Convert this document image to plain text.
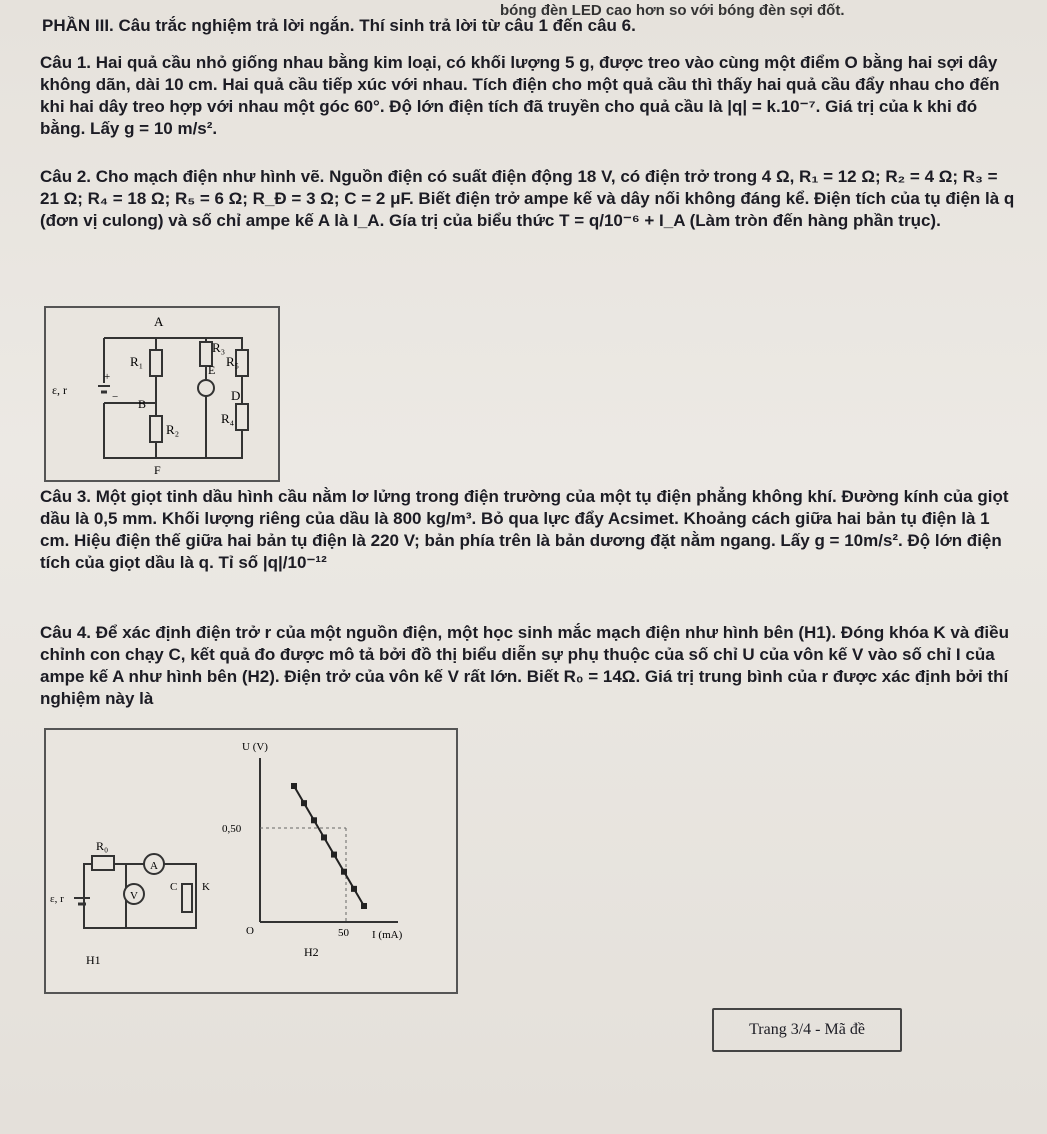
bóng đèn LED cao hơn so với bóng đèn sợi đốt.
PHẦN III. Câu trắc nghiệm trả lời ngắn. Thí sinh trả lời từ câu 1 đến câu 6.
Câu 1. Hai quả cầu nhỏ giống nhau bằng kim loại, có khối lượng 5 g, được treo vào cùng một điểm O bằng hai sợi dây không dãn, dài 10 cm. Hai quả cầu tiếp xúc với nhau. Tích điện cho một quả cầu thì thấy hai quả cầu đẩy nhau cho đến khi hai dây treo hợp với nhau một góc 60°. Độ lớn điện tích đã truyền cho quả cầu là |q| = k.10⁻⁷. Giá trị của k khi đó bằng. Lấy g = 10 m/s².
Câu 2. Cho mạch điện như hình vẽ. Nguồn điện có suất điện động 18 V, có điện trở trong 4 Ω, R₁ = 12 Ω; R₂ = 4 Ω; R₃ = 21 Ω; R₄ = 18 Ω; R₅ = 6 Ω; R_Đ = 3 Ω; C = 2 μF. Biết điện trở ampe kế và dây nối không đáng kể. Điện tích của tụ điện là q (đơn vị culong) và số chỉ ampe kế A là I_A. Gía trị của biểu thức T = q/10⁻⁶ + I_A (Làm tròn đến hàng phần trục).
A
R₁
R₃
R₅
E
D
B
R₂
R₄
F
ε, r
+
−
Câu 3. Một giọt tinh dầu hình cầu nằm lơ lửng trong điện trường của một tụ điện phẳng không khí. Đường kính của giọt dầu là 0,5 mm. Khối lượng riêng của dầu là 800 kg/m³. Bỏ qua lực đẩy Acsimet. Khoảng cách giữa hai bản tụ điện là 1 cm. Hiệu điện thế giữa hai bản tụ điện là 220 V; bản phía trên là bản dương đặt nằm ngang. Lấy g = 10m/s². Độ lớn điện tích của giọt dầu là q. Tỉ số |q|/10⁻¹²
Câu 4. Để xác định điện trở r của một nguồn điện, một học sinh mắc mạch điện như hình bên (H1). Đóng khóa K và điều chỉnh con chạy C, kết quả đo được mô tả bởi đồ thị biểu diễn sự phụ thuộc của số chỉ U của vôn kế V vào số chỉ I của ampe kế A như hình bên (H2). Điện trở của vôn kế V rất lớn. Biết R₀ = 14Ω. Giá trị trung bình của r được xác định bởi thí nghiệm này là
R₀
A
V
C K
ε, r
H1
U (V)
I (mA)
0,50
50
O
H2
Trang 3/4 - Mã đề
